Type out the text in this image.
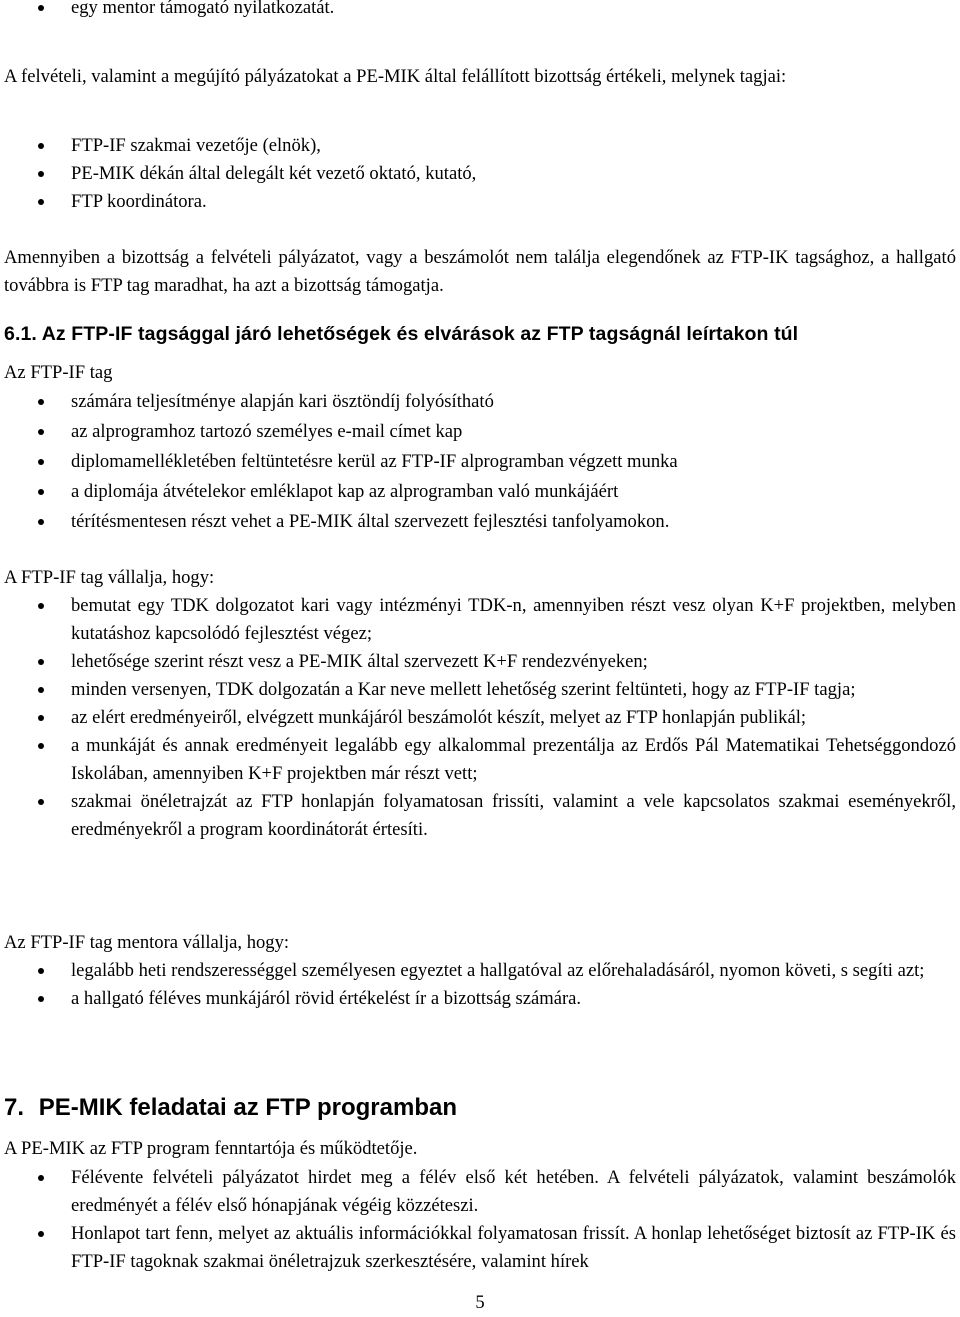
egy mentor támogató nyilatkozatát.

A felvételi, valamint a megújító pályázatokat a PE-MIK által felállított bizottság értékeli, melynek tagjai:

FTP-IF szakmai vezetője (elnök),
PE-MIK dékán által delegált két vezető oktató, kutató,
FTP koordinátora.

Amennyiben a bizottság a felvételi pályázatot, vagy a beszámolót nem találja elegendőnek az FTP-IK tagsághoz, a hallgató továbbra is FTP tag maradhat, ha azt a bizottság támogatja.

6.1. Az FTP-IF tagsággal járó lehetőségek és elvárások az FTP tagságnál leírtakon túl

Az FTP-IF tag

számára teljesítménye alapján kari ösztöndíj folyósítható
az alprogramhoz tartozó személyes e-mail címet kap
diplomamellékletében feltüntetésre kerül az FTP-IF alprogramban végzett munka
a diplomája átvételekor emléklapot kap az alprogramban való munkájáért
térítésmentesen részt vehet a PE-MIK által szervezett fejlesztési tanfolyamokon.

A FTP-IF tag vállalja, hogy:

bemutat egy TDK dolgozatot kari vagy intézményi TDK-n, amennyiben részt vesz olyan K+F projektben, melyben kutatáshoz kapcsolódó fejlesztést végez;
lehetősége szerint részt vesz a PE-MIK által szervezett K+F rendezvényeken;
minden versenyen, TDK dolgozatán a Kar neve mellett lehetőség szerint feltünteti, hogy az FTP-IF tagja;
az elért eredményeiről, elvégzett munkájáról beszámolót készít, melyet az FTP honlapján publikál;
a munkáját és annak eredményeit legalább egy alkalommal prezentálja az Erdős Pál Matematikai Tehetséggondozó Iskolában, amennyiben K+F projektben már részt vett;
szakmai önéletrajzát az FTP honlapján folyamatosan frissíti, valamint a vele kapcsolatos szakmai eseményekről, eredményekről a program koordinátorát értesíti.

Az FTP-IF tag mentora vállalja, hogy:

legalább heti rendszerességgel személyesen egyeztet a hallgatóval az előrehaladásáról, nyomon követi, s segíti azt;
a hallgató féléves munkájáról rövid értékelést ír a bizottság számára.
7. PE-MIK feladatai az FTP programban

A PE-MIK az FTP program fenntartója és működtetője.

Félévente felvételi pályázatot hirdet meg a félév első két hetében. A felvételi pályázatok, valamint beszámolók eredményét a félév első hónapjának végéig közzéteszi.
Honlapot tart fenn, melyet az aktuális információkkal folyamatosan frissít. A honlap lehetőséget biztosít az FTP-IK és FTP-IF tagoknak szakmai önéletrajzuk szerkesztésére, valamint hírek
5
